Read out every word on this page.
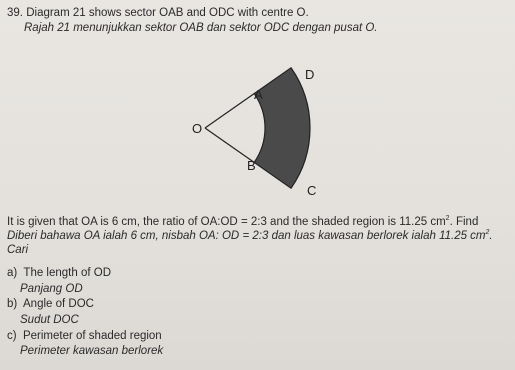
39. Diagram 21 shows sector OAB and ODC with centre O.
Rajah 21 menunjukkan sektor OAB dan sektor ODC dengan pusat O.
O
A
B
C
D
It is given that OA is 6 cm, the ratio of OA:OD = 2:3 and the shaded region is 11.25 $cm^2$. Find
Diberi bahawa OA ialah 6 cm, nisbah OA: OD = 2:3 dan luas kawasan berlorek ialah 11.25 $cm^2$.
Cari
a) The length of OD
Panjang OD
b) Angle of DOC
Sudut DOC
c) Perimeter of shaded region
Perimeter kawasan berlorek
